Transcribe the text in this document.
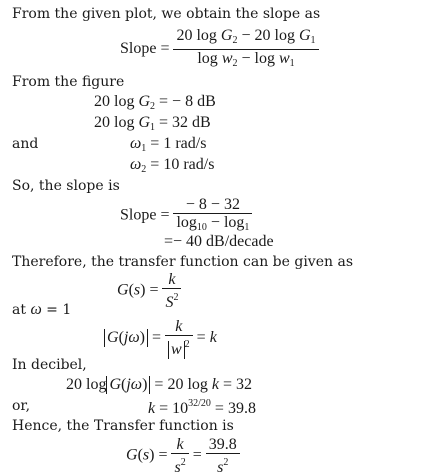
From the given plot, we obtain the slope as
Slope = $\frac{20 \log G_2 - 20 \log G_1}{\log w_2 - \log w_1}$
From the figure
20 $\log G_2$ = − 8 dB
20 $\log G_1 = 32$ dB
and	$\omega_1 = 1$ rad/s
$\omega_2 = 10$ rad/s
So, the slope is
Slope = $\frac{- 8 - 32}{\log_{10} - \log_1}$
=− 40 dB/decade
Therefore, the transfer function can be given as
$G(s) = \frac{k}{S^2}$
at ω = 1
$G(j\omega) = \frac{k}{w ^2} = k$
In decibel,
20 log G(jω) = 20 log k = 32
or,	$k = 10^{32/20} = 39.8$
Hence, the Transfer function is
$G(s) = \frac{k}{s^2} = \frac{39.8}{s^2}$
